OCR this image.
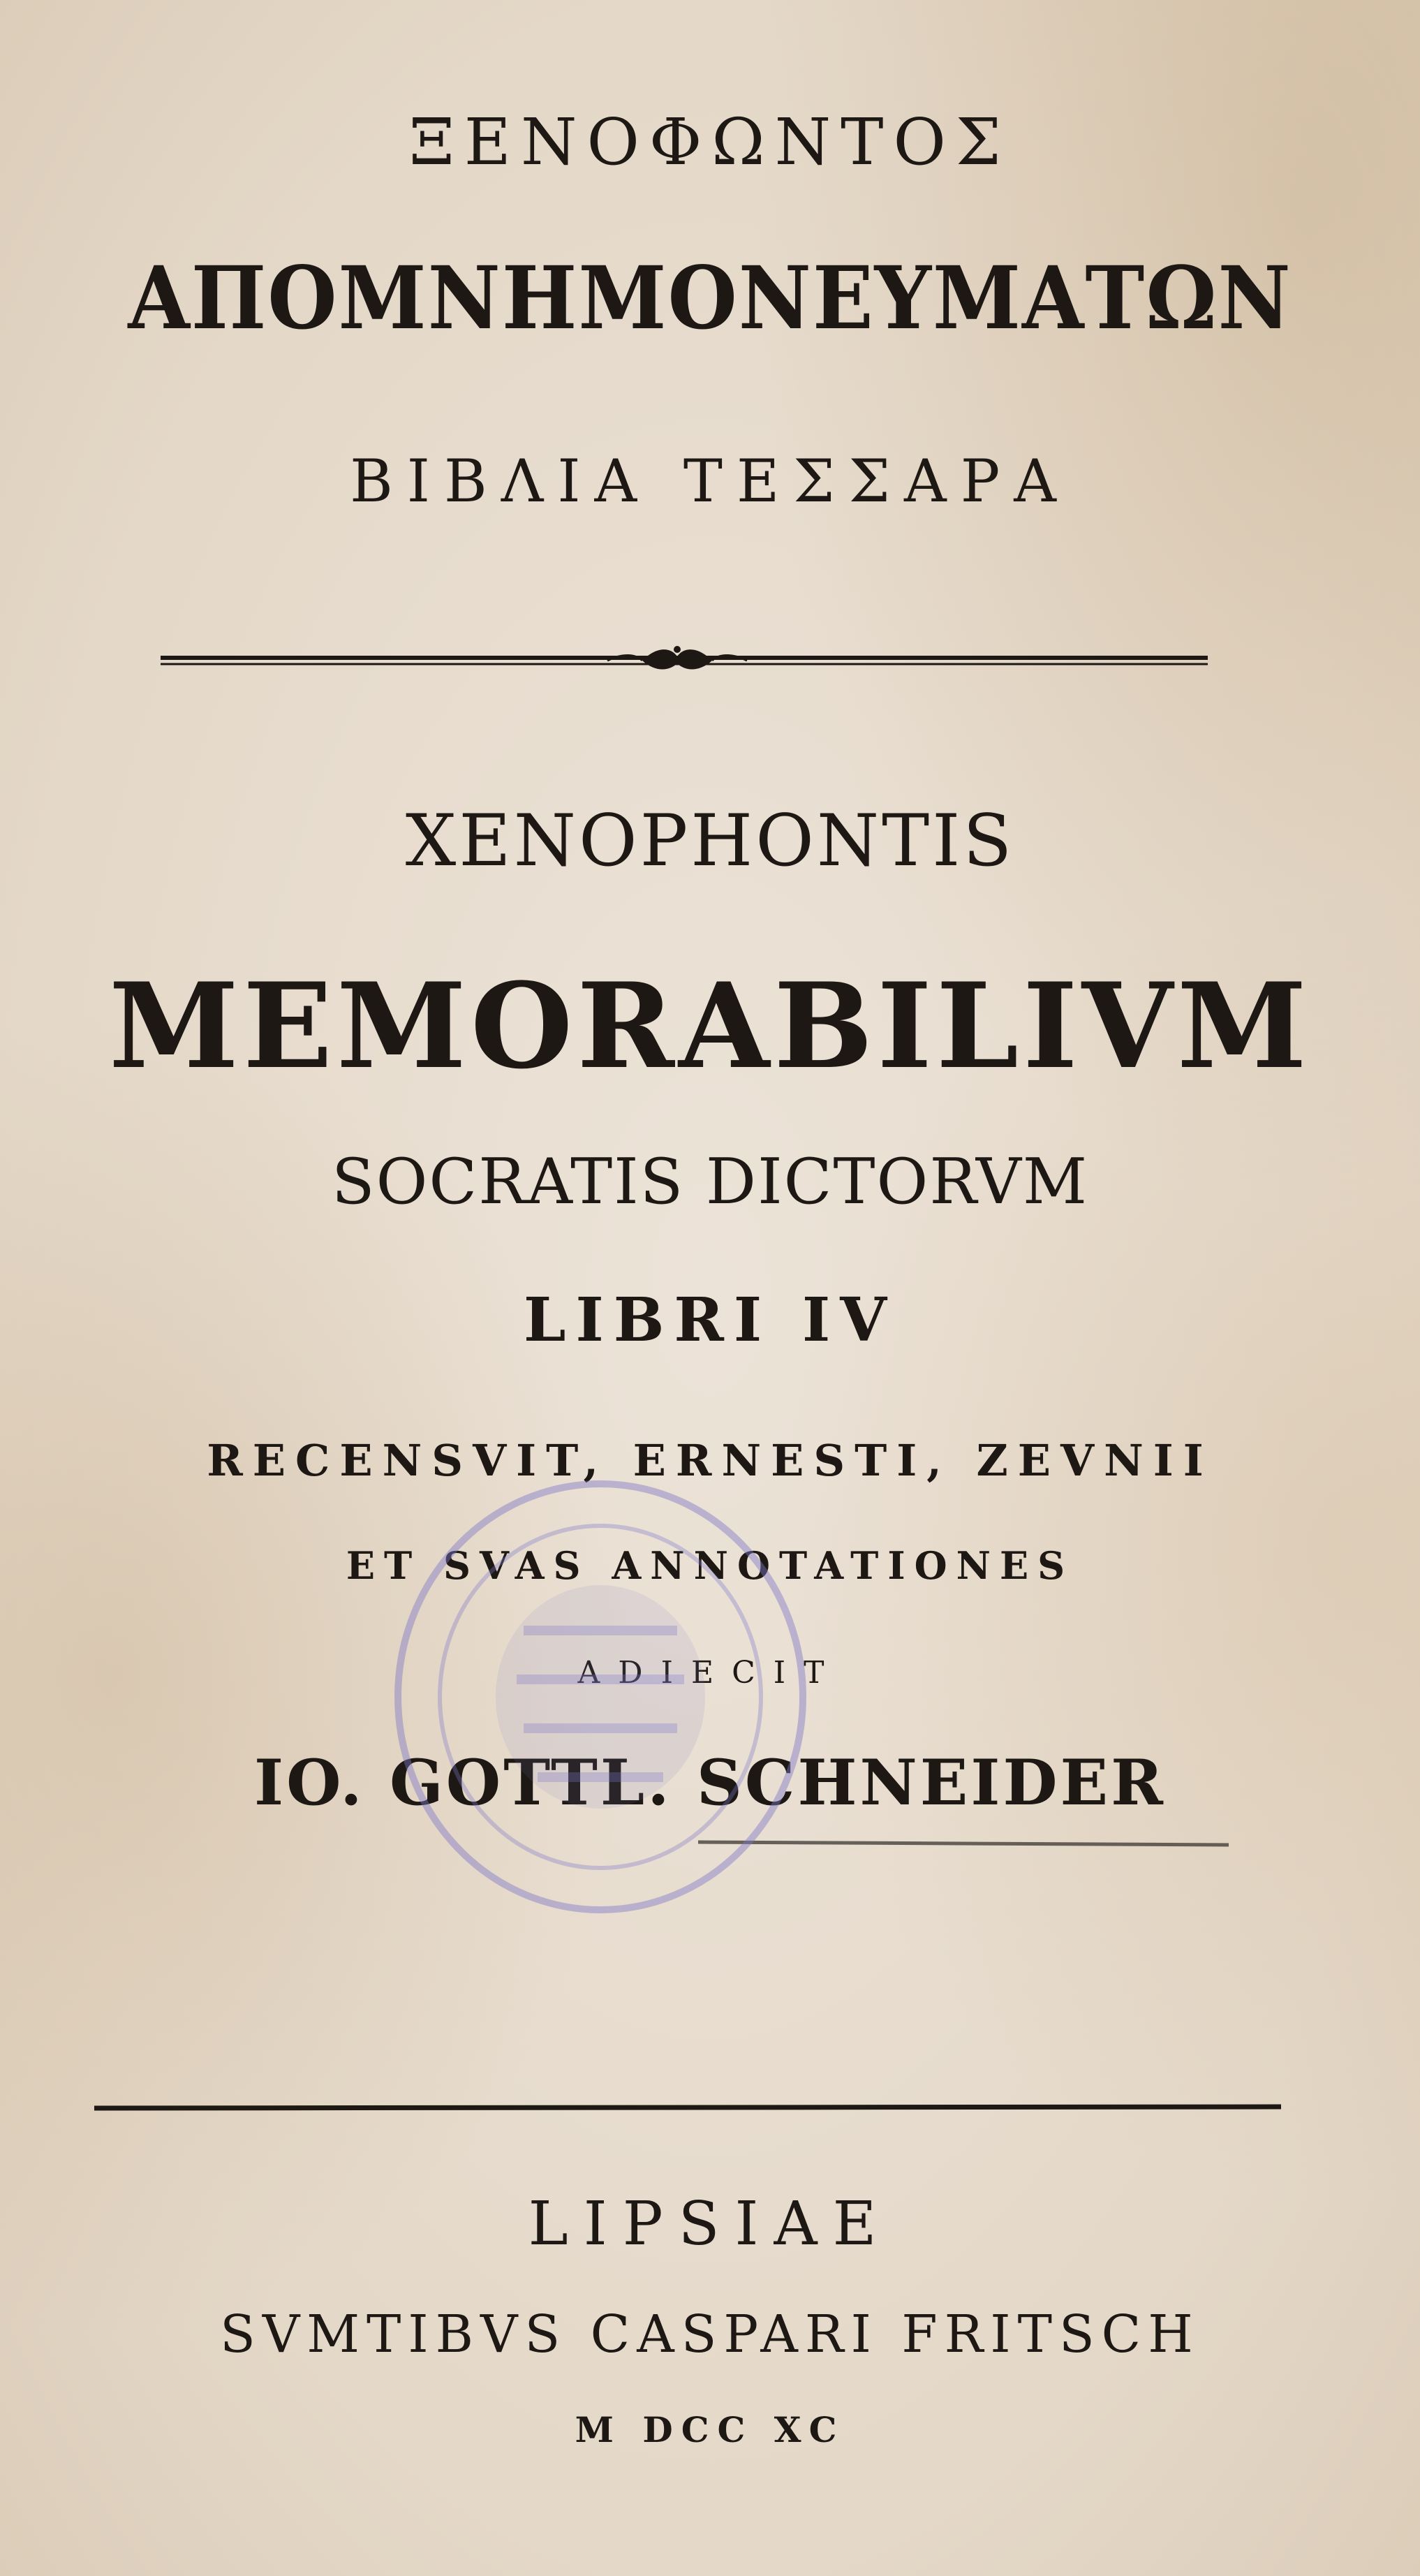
ΞΕΝΟΦΩΝΤΟΣ
ΑΠΟΜΝΗΜΟΝΕΥΜΑΤΩΝ
ΒΙΒΛΙΑ ΤΕΣΣΑΡΑ
XENOPHONTIS
MEMORABILIVM
SOCRATIS DICTORVM
LIBRI IV
RECENSVIT, ERNESTI, ZEVNII
ET SVAS ANNOTATIONES
ADIECIT
IO. GOTTL. SCHNEIDER
LIPSIAE
SVMTIBVS CASPARI FRITSCH
M DCC XC
